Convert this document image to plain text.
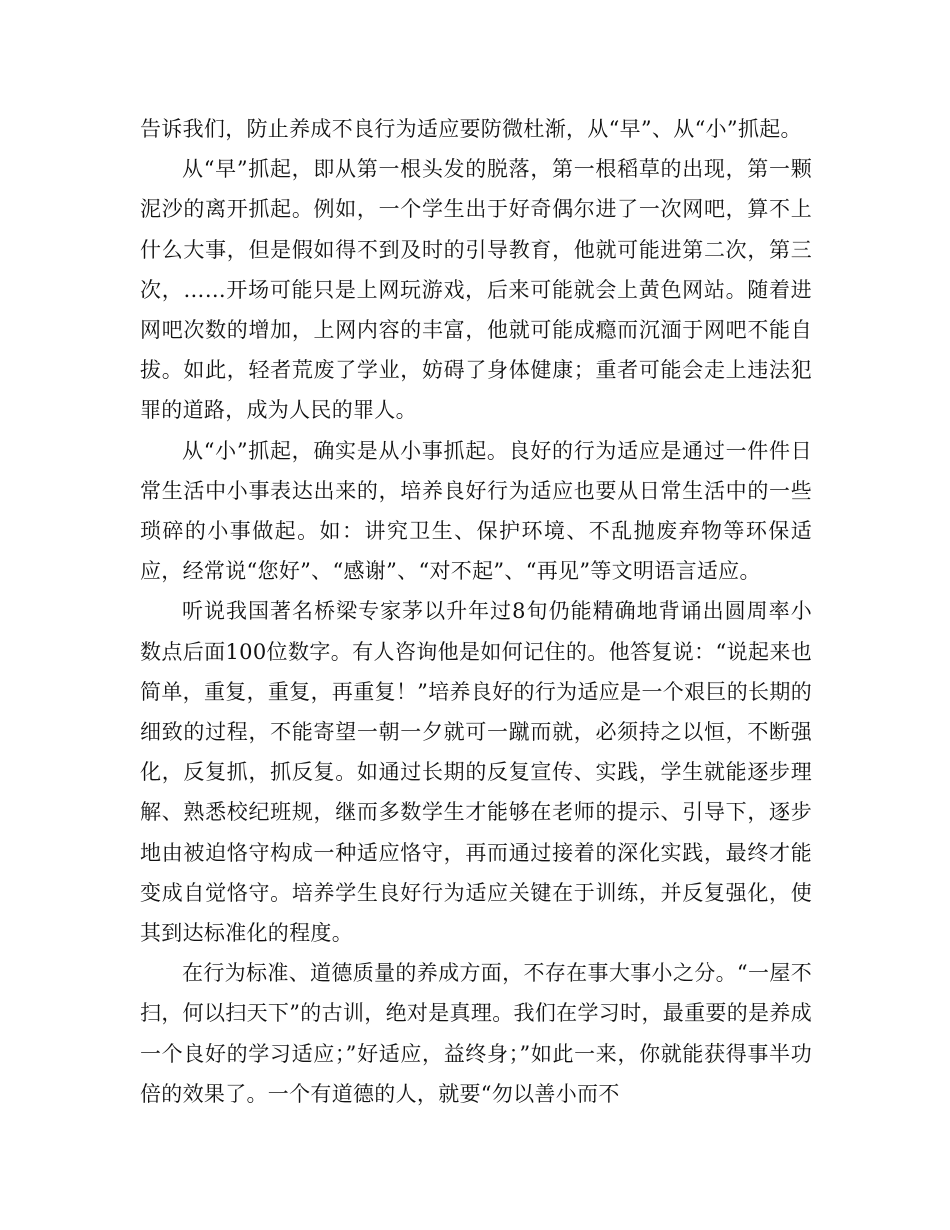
告诉我们，防止养成不良行为适应要防微杜渐，从“早”、从“小”抓起。

从“早”抓起，即从第一根头发的脱落，第一根稻草的出现，第一颗泥沙的离开抓起。例如，一个学生出于好奇偶尔进了一次网吧，算不上什么大事，但是假如得不到及时的引导教育，他就可能进第二次，第三次，……开场可能只是上网玩游戏，后来可能就会上黄色网站。随着进网吧次数的增加，上网内容的丰富，他就可能成瘾而沉湎于网吧不能自拔。如此，轻者荒废了学业，妨碍了身体健康；重者可能会走上违法犯罪的道路，成为人民的罪人。

从“小”抓起，确实是从小事抓起。良好的行为适应是通过一件件日常生活中小事表达出来的，培养良好行为适应也要从日常生活中的一些琐碎的小事做起。如：讲究卫生、保护环境、不乱抛废弃物等环保适应，经常说“您好”、“感谢”、“对不起”、“再见”等文明语言适应。

听说我国著名桥梁专家茅以升年过8旬仍能精确地背诵出圆周率小数点后面100位数字。有人咨询他是如何记住的。他答复说：“说起来也简单，重复，重复，再重复！”培养良好的行为适应是一个艰巨的长期的细致的过程，不能寄望一朝一夕就可一蹴而就，必须持之以恒，不断强化，反复抓，抓反复。如通过长期的反复宣传、实践，学生就能逐步理解、熟悉校纪班规，继而多数学生才能够在老师的提示、引导下，逐步地由被迫恪守构成一种适应恪守，再而通过接着的深化实践，最终才能变成自觉恪守。培养学生良好行为适应关键在于训练，并反复强化，使其到达标准化的程度。

在行为标准、道德质量的养成方面，不存在事大事小之分。“一屋不扫，何以扫天下”的古训，绝对是真理。我们在学习时，最重要的是养成一个良好的学习适应；”好适应，益终身；”如此一来，你就能获得事半功倍的效果了。一个有道德的人，就要“勿以善小而不
